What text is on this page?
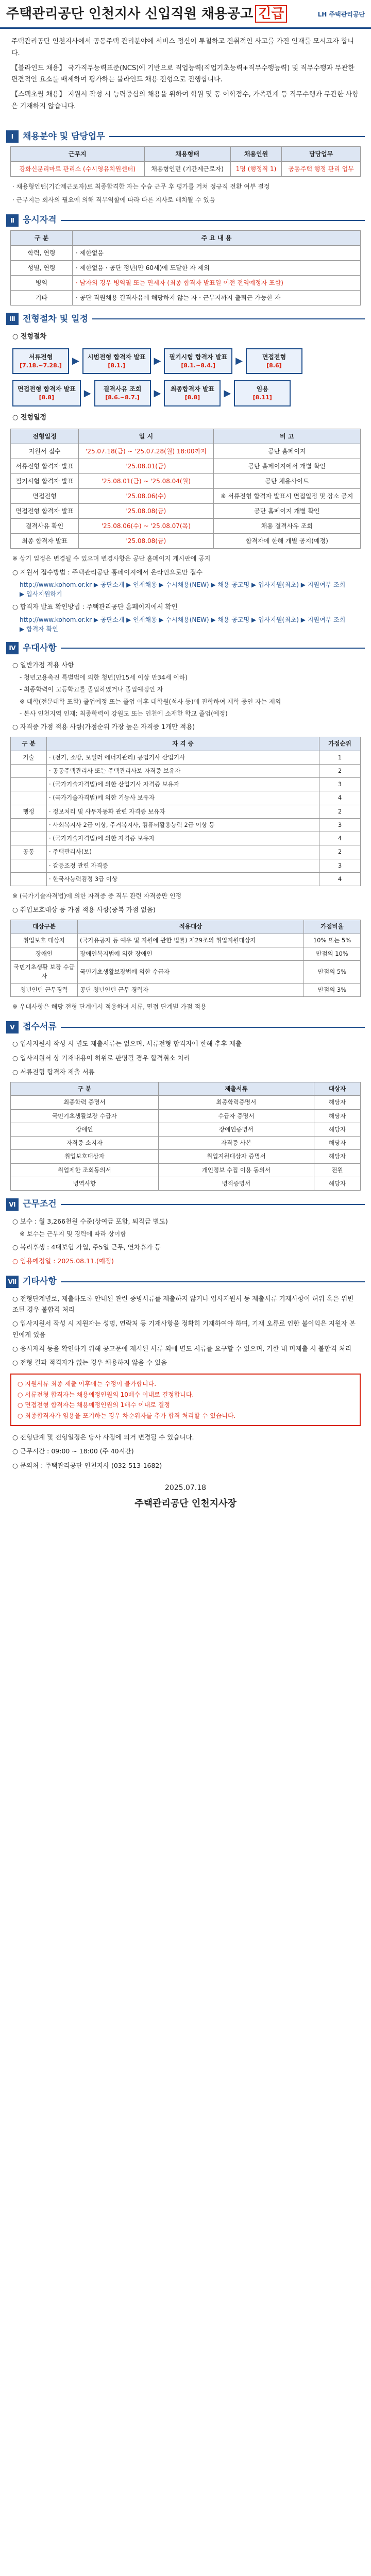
주택관리공단 인천지사 신입직원 채용공고 긴급	LH 주택관리공단

주택관리공단 인천지사에서 공동주택 관리분야에 서비스 정신이 투철하고 진취적인 사고를 가진 인재를 모시고자 합니다.

【블라인드 채용】 국가직무능력표준(NCS)에 기반으로 직업능력(직업기초능력+직무수행능력) 및 직무수행과 무관한 편견적인 요소를 배제하여 평가하는 블라인드 채용 전형으로 진행합니다.

【스펙초월 채용】 지원서 작성 시 능력중심의 채용을 위하여 학원 및 동 어학점수, 가족관계 등 직무수행과 무관한 사항은 기재하지 않습니다.

Ⅰ	채용분야 및 담당업무
근무지	채용형태	채용인원	담당업무
강화신문리마트 관리소 (수시영유치원센터)	채용형인턴 (기간제근로자)	1명 (행정직 1)	공동주택 행정 관리 업무
· 채용형인턴(기간제근로자)로 최종합격한 자는 수습 근무 후 평가를 거쳐 정규직 전환 여부 결정
· 근무지는 회사의 필요에 의해 직무역할에 따라 다른 지사로 배치될 수 있음
Ⅱ 응시자격
구 분	주 요 내 용
학력, 연령	· 제한없음
성별, 연령	· 제한없음 · 공단 정년(만 60세)에 도달한 자 제외
병역	· 남자의 경우 병역필 또는 면제자 (최종 합격자 발표일 이전 전역예정자 포함)
기타	· 공단 직원채용 결격사유에 해당하지 않는 자 · 근무지까지 출퇴근 가능한 자
Ⅲ 전형절차 및 일정
○ 전형절차
서류전형
[7.18.~7.28.] ▶ 시범전형 합격자 발표
[8.1.]	▶ 필기시험 합격자 발표
[8.1.~8.4.]	▶	면접전형
[8.6]
면접전형 합격자 발표
[8.8]	▶	결격사유 조회
[8.6.~8.7.]	▶ 최종합격자 발표
[8.8]	▶	임용
[8.11]
○ 전형일정
전형일정	일 시	비 고
지원서 접수	'25.07.18(금) ~ '25.07.28(월) 18:00까지	공단 홈페이지
서류전형 합격자 발표	'25.08.01(금)	공단 홈페이지에서 개별 확인
필기시험 합격자 발표	'25.08.01(금) ~ '25.08.04(월)	공단 채용사이트
면접전형	'25.08.06(수)	※ 서류전형 합격자 발표시 면접일정 및 장소 공지
면접전형 합격자 발표	'25.08.08(금)	공단 홈페이지 개별 확인
결격사유 확인	'25.08.06(수) ~ '25.08.07(목)	채용 결격사유 조회
최종 합격자 발표	'25.08.08(금)	합격자에 한해 개별 공지(예정)
※ 상기 일정은 변경될 수 있으며 변경사항은 공단 홈페이지 게시판에 공지
○ 지원서 접수방법 : 주택관리공단 홈페이지에서 온라인으로만 접수
http://www.kohom.or.kr ▶ 공단소개 ▶ 인재채용 ▶ 수시채용(NEW) ▶ 채용 공고명 ▶ 입사지원(최초) ▶ 지원여부 조회 ▶ 입사지원하기
○ 합격자 발표 확인방법 : 주택관리공단 홈페이지에서 확인
http://www.kohom.or.kr ▶ 공단소개 ▶ 인재채용 ▶ 수시채용(NEW) ▶ 채용 공고명 ▶ 입사지원(최초) ▶ 지원여부 조회 ▶ 합격자 확인
Ⅳ 우대사항
○ 일반가점 적용 사항
- 청년고용촉진 특별법에 의한 청년(만15세 이상 만34세 이하)
- 최종학력이 고등학교를 졸업하였거나 졸업예정인 자
※ 대학(전문대학 포함) 졸업예정 또는 졸업 이후 대학원(석사 등)에 진학하여 재학 중인 자는 제외
- 본사 인천지역 인재: 최종학력이 강원도 또는 인천에 소재한 학교 졸업(예정)
○ 자격증 가점 적용 사항(가점순위 가장 높은 자격증 1개만 적용)
구 분	자 격 증	가점순위
기술	· (전기, 소방, 보일러 에너지관리) 공업기사 산업기사	1
	· 공동주택관리사 또는 주택관리사보 자격증 보유자	2
	· (국가기술자격법)에 의한 산업기사 자격증 보유자	3
	· (국가기술자격법)에 의한 기능사 보유자	4
행정	· 정보처리 및 사무자동화 관련 자격증 보유자	2
	· 사회복지사 2급 이상, 주거복지사, 컴퓨터활용능력 2급 이상 등	3
	· (국가기술자격법)에 의한 자격증 보유자	4
공통	· 주택관리사(보)	2
	· 갈등조정 관련 자격증	3
	· 한국사능력검정 3급 이상	4
※ (국가기술자격법)에 의한 자격증 중 직무 관련 자격증만 인정
○ 취업보호대상 등 가점 적용 사항(중복 가점 없음)
대상구분	적용대상	가점비율
취업보호 대상자	(국가유공자 등 예우 및 지원에 관한 법률) 제29조의 취업지원대상자	10% 또는 5%
장애인	장애인복지법에 의한 장애인	만점의 10%
국민기초생활 보장 수급자	국민기초생활보장법에 의한 수급자	만점의 5%
청년인턴 근무경력	공단 청년인턴 근무 경력자	만점의 3%
※ 우대사항은 해당 전형 단계에서 적용하며 서류, 면접 단계별 가점 적용
Ⅴ 접수서류
○ 입사지원서 작성 시 별도 제출서류는 없으며, 서류전형 합격자에 한해 추후 제출
○ 입사지원서 상 기재내용이 허위로 판명될 경우 합격취소 처리
○ 서류전형 합격자 제출 서류
구 분	제출서류	대상자
최종학력 증명서	최종학력증명서	해당자
국민기초생활보장 수급자	수급자 증명서	해당자
장애인	장애인증명서	해당자
자격증 소지자	자격증 사본	해당자
취업보호대상자	취업지원대상자 증명서	해당자
취업제한 조회동의서	개인정보 수집 이용 동의서	전원
병역사항	병적증명서	해당자
Ⅵ 근무조건
○ 보수 : 월 3,266천원 수준(상여금 포함, 퇴직금 별도)
※ 보수는 근무지 및 경력에 따라 상이함
○ 복리후생 : 4대보험 가입, 주5일 근무, 연차휴가 등
○ 임용예정일 : 2025.08.11.(예정)
Ⅶ 기타사항
○ 전형단계별로, 제출하도록 안내된 관련 증빙서류를 제출하지 않거나 입사지원서 등 제출서류 기재사항이 허위 혹은 위변조된 경우 불합격 처리
○ 입사지원서 작성 시 지원자는 성명, 연락처 등 기재사항을 정확히 기재하여야 하며, 기재 오류로 인한 불이익은 지원자 본인에게 있음
○ 응시자격 등을 확인하기 위해 공고문에 제시된 서류 외에 별도 서류를 요구할 수 있으며, 기한 내 미제출 시 불합격 처리
○ 전형 결과 적격자가 없는 경우 채용하지 않을 수 있음
○ 지원서류 최종 제출 이후에는 수정이 불가합니다.
○ 서류전형 합격자는 채용예정인원의 10배수 이내로 결정합니다.
○ 면접전형 합격자는 채용예정인원의 1배수 이내로 결정
○ 최종합격자가 임용을 포기하는 경우 차순위자를 추가 합격 처리할 수 있습니다.
○ 전형단계 및 전형일정은 당사 사정에 의거 변경될 수 있습니다.
○ 근무시간 : 09:00 ~ 18:00 (주 40시간)
○ 문의처 : 주택관리공단 인천지사 (032-513-1682)
2025.07.18
주택관리공단 인천지사장
